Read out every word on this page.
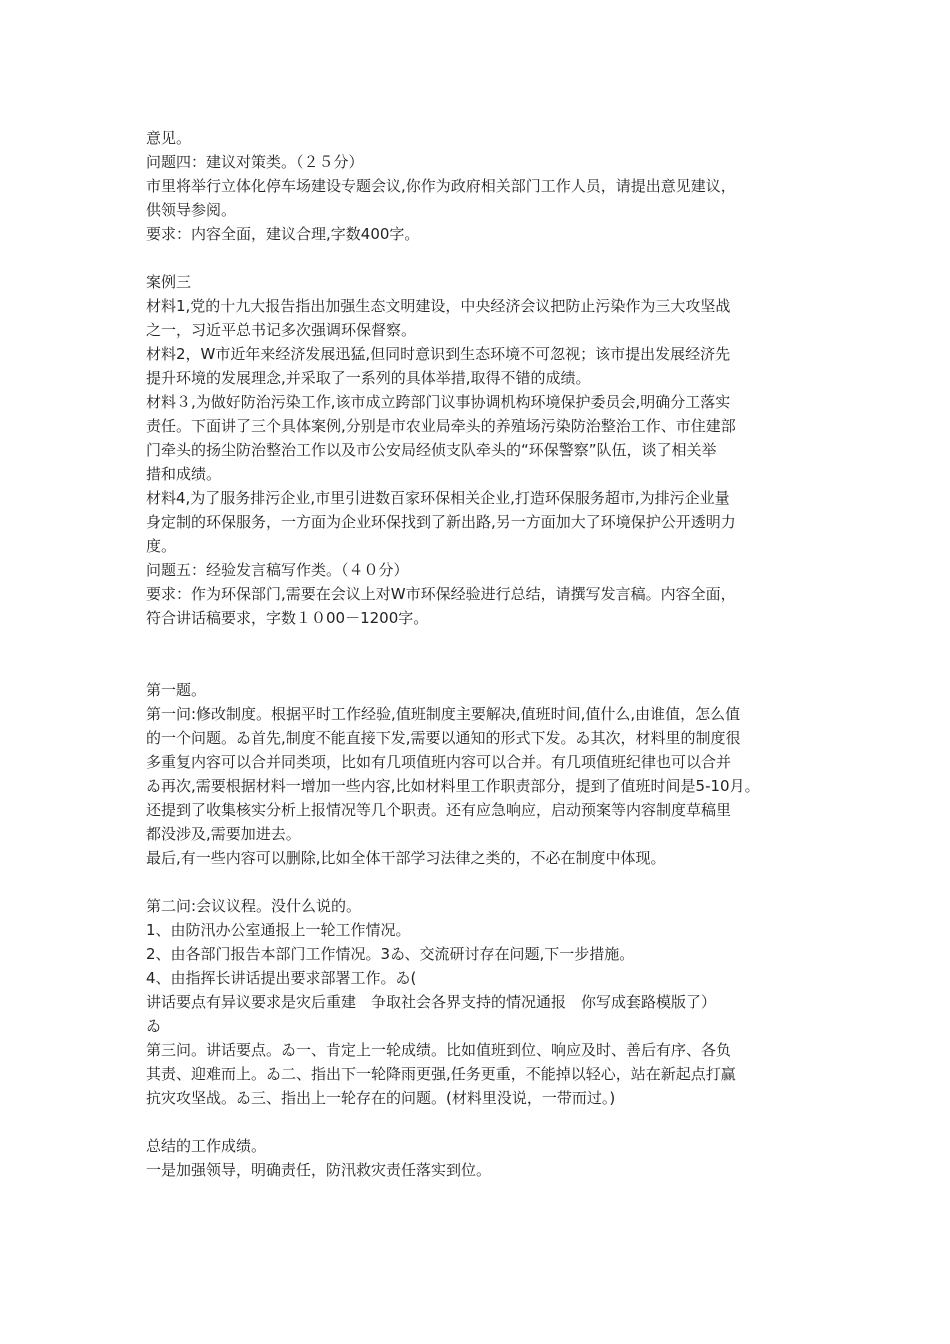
意见。
问题四：建议对策类。（２５分）
市里将举行立体化停车场建设专题会议,你作为政府相关部门工作人员，请提出意见建议，
供领导参阅。
要求：内容全面，建议合理,字数400字。
案例三
材料1,党的十九大报告指出加强生态文明建设，中央经济会议把防止污染作为三大攻坚战
之一，习近平总书记多次强调环保督察。
材料2，W市近年来经济发展迅猛,但同时意识到生态环境不可忽视；该市提出发展经济先
提升环境的发展理念,并采取了一系列的具体举措,取得不错的成绩。
材料３,为做好防治污染工作,该市成立跨部门议事协调机构环境保护委员会,明确分工落实
责任。下面讲了三个具体案例,分别是市农业局牵头的养殖场污染防治整治工作、市住建部
门牵头的扬尘防治整治工作以及市公安局经侦支队牵头的“环保警察”队伍，谈了相关举
措和成绩。
材料4,为了服务排污企业,市里引进数百家环保相关企业,打造环保服务超市,为排污企业量
身定制的环保服务，一方面为企业环保找到了新出路,另一方面加大了环境保护公开透明力
度。
问题五：经验发言稿写作类。（４０分）
要求：作为环保部门,需要在会议上对W市环保经验进行总结，请撰写发言稿。内容全面，
符合讲话稿要求，字数１０00－1200字。
第一题。
第一问:修改制度。根据平时工作经验,值班制度主要解决,值班时间,值什么,由谁值，怎么值
的一个问题。ゐ首先,制度不能直接下发,需要以通知的形式下发。ゐ其次，材料里的制度很
多重复内容可以合并同类项，比如有几项值班内容可以合并。有几项值班纪律也可以合并
ゐ再次,需要根据材料一增加一些内容,比如材料里工作职责部分，提到了值班时间是5-10月。
还提到了收集核实分析上报情况等几个职责。还有应急响应，启动预案等内容制度草稿里
都没涉及,需要加进去。
最后,有一些内容可以删除,比如全体干部学习法律之类的，不必在制度中体现。
第二问:会议议程。没什么说的。
1、由防汛办公室通报上一轮工作情况。
2、由各部门报告本部门工作情况。3ゐ、交流研讨存在问题,下一步措施。
4、由指挥长讲话提出要求部署工作。ゐ(
讲话要点有异议要求是灾后重建　争取社会各界支持的情况通报　你写成套路模版了）
ゐ
第三问。讲话要点。ゐ一、肯定上一轮成绩。比如值班到位、响应及时、善后有序、各负
其责、迎难而上。ゐ二、指出下一轮降雨更强,任务更重，不能掉以轻心，站在新起点打赢
抗灾攻坚战。ゐ三、指出上一轮存在的问题。(材料里没说，一带而过。)
总结的工作成绩。
一是加强领导，明确责任，防汛救灾责任落实到位。
